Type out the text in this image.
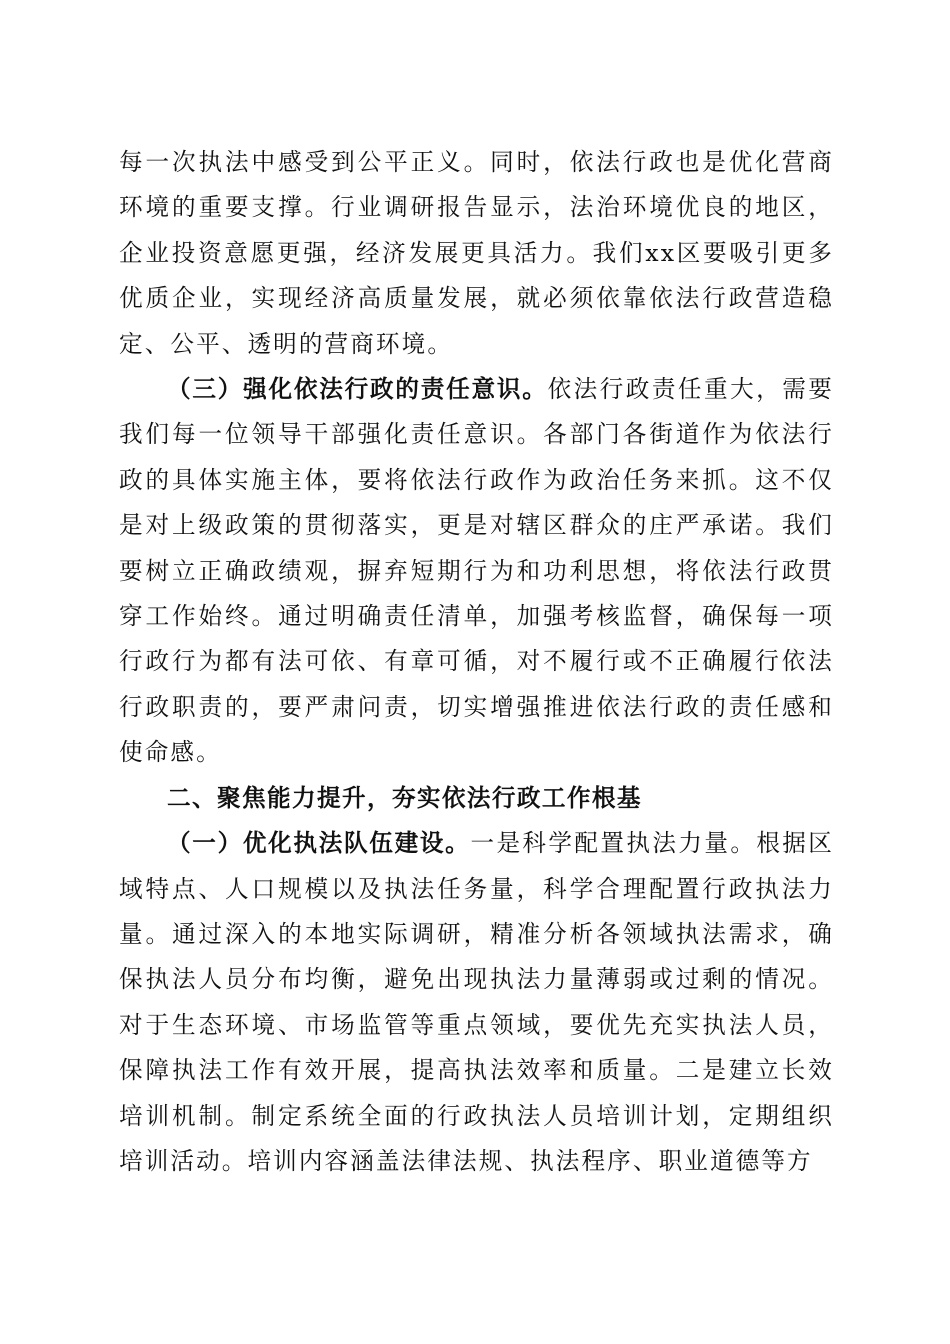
每一次执法中感受到公平正义。同时，依法行政也是优化营商环境的重要支撑。行业调研报告显示，法治环境优良的地区，企业投资意愿更强，经济发展更具活力。我们xx区要吸引更多优质企业，实现经济高质量发展，就必须依靠依法行政营造稳定、公平、透明的营商环境。

（三）强化依法行政的责任意识。依法行政责任重大，需要我们每一位领导干部强化责任意识。各部门各街道作为依法行政的具体实施主体，要将依法行政作为政治任务来抓。这不仅是对上级政策的贯彻落实，更是对辖区群众的庄严承诺。我们要树立正确政绩观，摒弃短期行为和功利思想，将依法行政贯穿工作始终。通过明确责任清单，加强考核监督，确保每一项行政行为都有法可依、有章可循，对不履行或不正确履行依法行政职责的，要严肃问责，切实增强推进依法行政的责任感和使命感。

二、聚焦能力提升，夯实依法行政工作根基

（一）优化执法队伍建设。一是科学配置执法力量。根据区域特点、人口规模以及执法任务量，科学合理配置行政执法力量。通过深入的本地实际调研，精准分析各领域执法需求，确保执法人员分布均衡，避免出现执法力量薄弱或过剩的情况。对于生态环境、市场监管等重点领域，要优先充实执法人员，保障执法工作有效开展，提高执法效率和质量。二是建立长效培训机制。制定系统全面的行政执法人员培训计划，定期组织培训活动。培训内容涵盖法律法规、执法程序、职业道德等方
